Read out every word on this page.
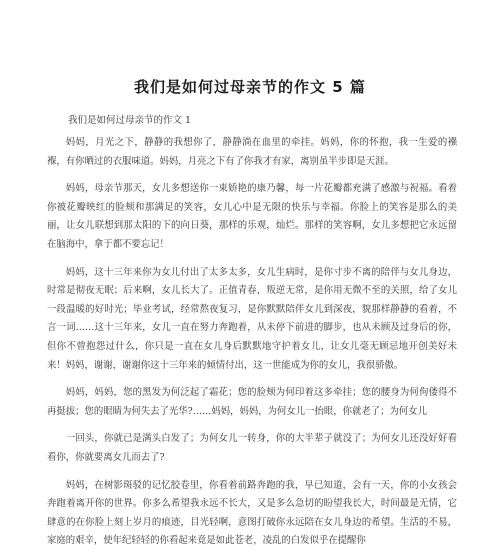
我们是如何过母亲节的作文 5 篇

我们是如何过母亲节的作文 1

妈妈，月光之下，静静的我想你了，静静淌在血里的牵挂。妈妈，你的怀抱，我一生爱的襁褓，有你晒过的衣服味道。妈妈，月亮之下有了你我才有家，离别虽半步即是天涯。

妈妈，母亲节那天，女儿多想送你一束娇艳的康乃馨，每一片花瓣都充满了感激与祝福。看着你被花瓣映红的脸颊和那满足的笑容，女儿心中是无限的快乐与幸福。你脸上的笑容是那么的美丽，让女儿联想到那太阳的下的向日葵，那样的乐观，灿烂。那样的笑容啊，女儿多想把它永远留在脑海中，拿于都不要忘记！

妈妈，这十三年来你为女儿付出了太多太多，女儿生病时，是你寸步不离的陪伴与女儿身边，时常是彻夜无眠；后来啊，女儿长大了。正值青春，叛逆无常，是你用无微不至的关照，给了女儿一段温暖的好时光；毕业考试，经常熬夜复习，是你默默陪伴女儿到深夜，貌那样静静的看着，不言一词……这十三年来，女儿一直在努力奔跑着，从未停下前进的脚步，也从未顾及过身后的你，但你不曾抱怨过什么，你只是一直在女儿身后默默地守护着女儿，让女儿毫无顾忌地开创美好未来！妈妈，谢谢，谢谢你这十三年来的倾情付出，这一世能成为你的女儿，我很骄傲。

妈妈，妈妈，您的黑发为何泛起了霜花；您的脸颊为何印着这多牵挂；您的腰身为何佝偻得不再挺拔；您的眼睛为何失去了光华?……妈妈，妈妈，为何女儿一抬眼，你就老了；为何女儿

一回头，你就已是满头白发了；为何女儿一转身，你的大半辈子就没了；为何女儿还没好好看看你，你就要离女儿而去了?

妈妈，在树影斑驳的记忆胶卷里，你看着前路奔跑的我，早已知道，会有一天，你的小女孩会奔跑着离开你的世界。你多么希望我永远不长大，又是多么急切的盼望我长大，时间最是无情，它肆意的在你脸上刻上岁月的痕迹，目光轻啊，意图打破你永远陪在女儿身边的希望。生活的不易，家庭的艰辛，使年纪轻轻的你看起来竟是如此苍老，凌乱的白发似乎在提醒你
